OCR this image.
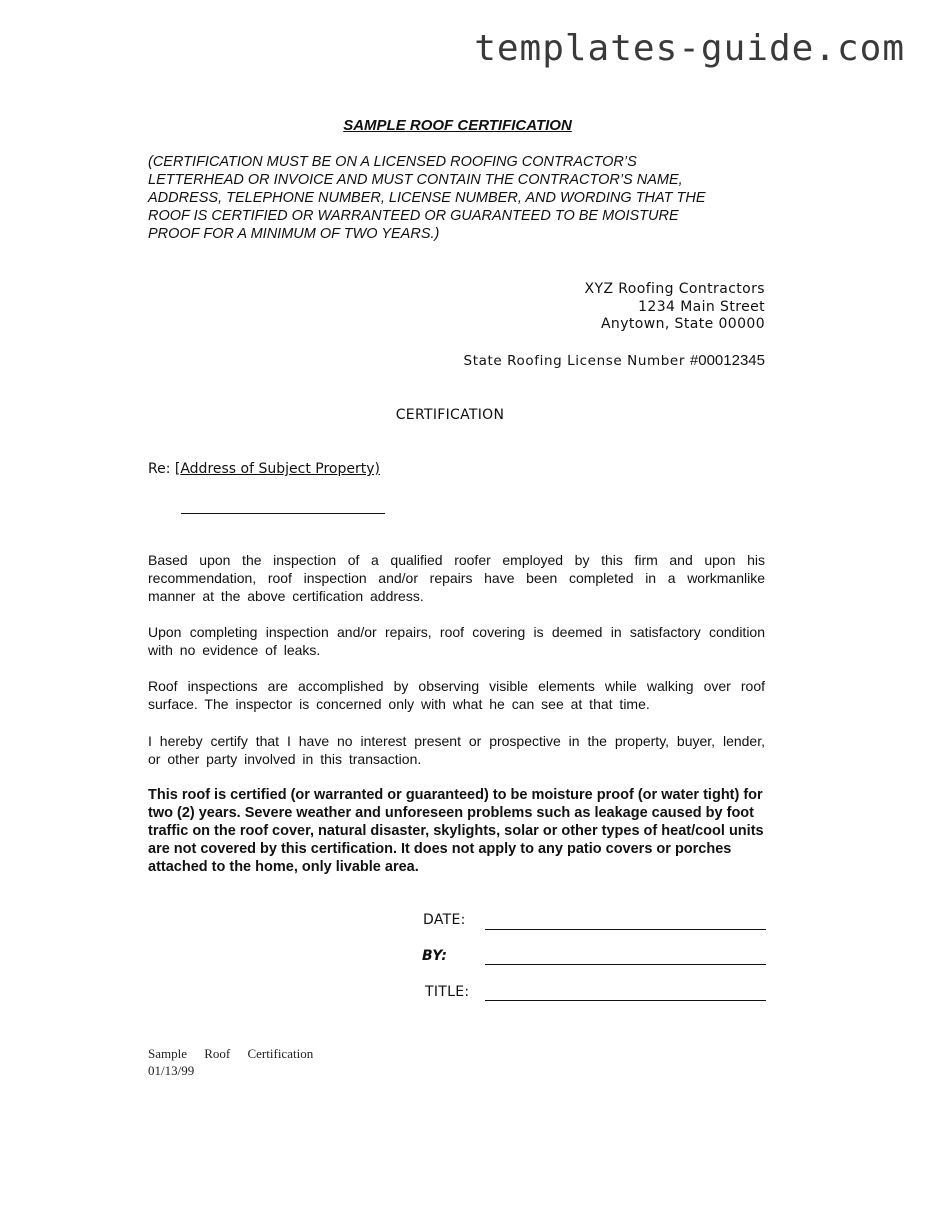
templates-guide.com
SAMPLE ROOF CERTIFICATION

(CERTIFICATION MUST BE ON A LICENSED ROOFING CONTRACTOR’S

LETTERHEAD OR INVOICE AND MUST CONTAIN THE CONTRACTOR’S NAME,

ADDRESS, TELEPHONE NUMBER, LICENSE NUMBER, AND WORDING THAT THE

ROOF IS CERTIFIED OR WARRANTEED OR GUARANTEED TO BE MOISTURE

PROOF FOR A MINIMUM OF TWO YEARS.)

XYZ Roofing Contractors
1234 Main Street
Anytown, State 00000
State Roofing License Number #00012345
CERTIFICATION
Re: [Address of Subject Property)
Based upon the inspection of a qualified roofer employed by this firm and upon his recommendation, roof inspection and/or repairs have been completed in a workmanlike manner at the above certification address.
Upon completing inspection and/or repairs, roof covering is deemed in satisfactory condition with no evidence of leaks.
Roof inspections are accomplished by observing visible elements while walking over roof surface. The inspector is concerned only with what he can see at that time.
I hereby certify that I have no interest present or prospective in the property, buyer, lender, or other party involved in this transaction.
This roof is certified (or warranted or guaranteed) to be moisture proof (or water tight) for two (2) years. Severe weather and unforeseen problems such as leakage caused by foot traffic on the roof cover, natural disaster, skylights, solar or other types of heat/cool units are not covered by this certification. It does not apply to any patio covers or porches attached to the home, only livable area.
DATE:
BY:
TITLE:
Sample Roof Certification
01/13/99
